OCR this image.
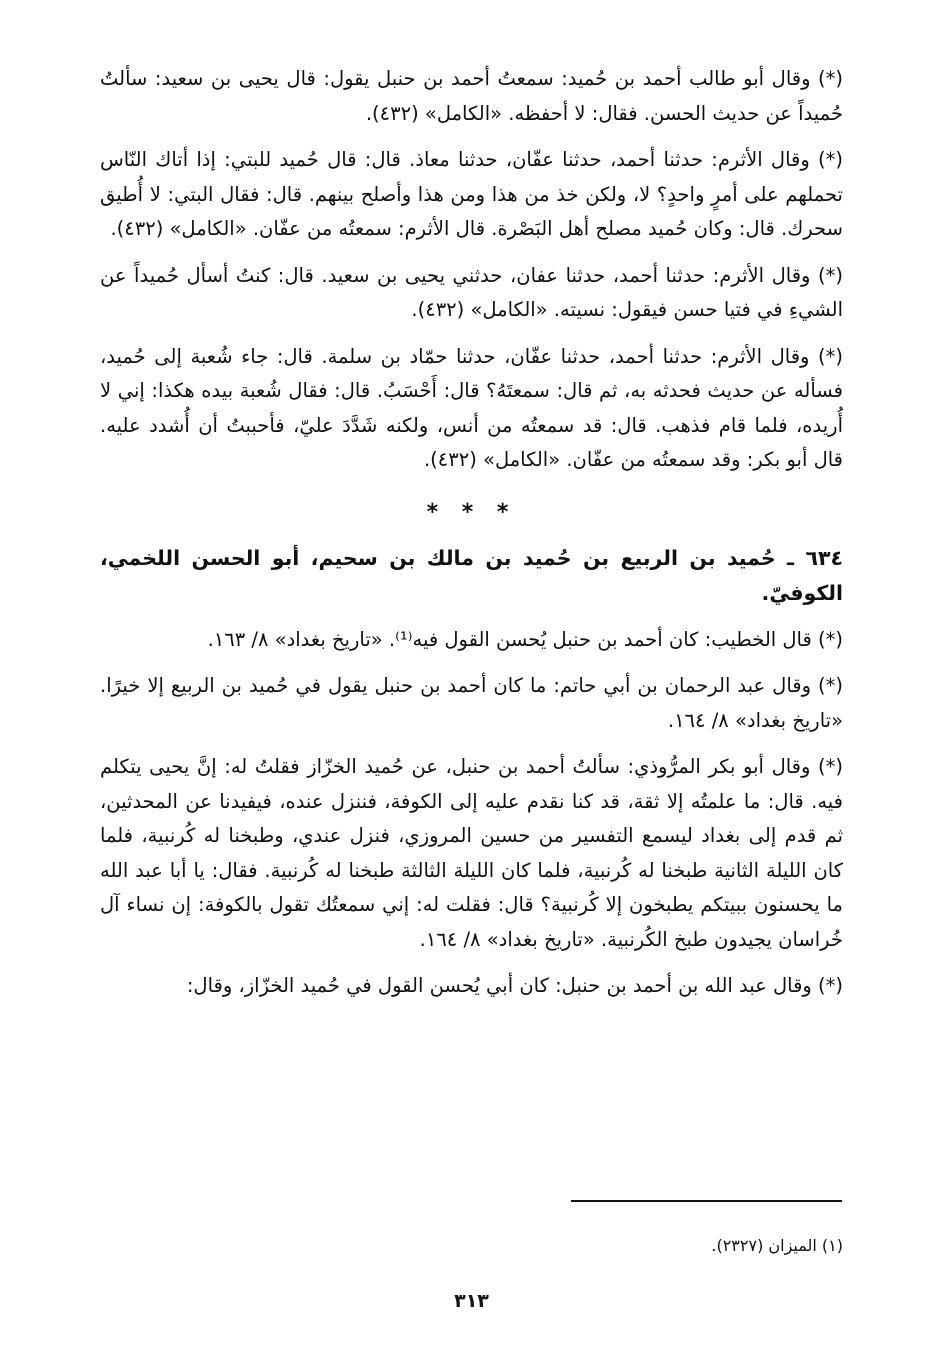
(*) وقال أبو طالب أحمد بن حُميد: سمعتُ أحمد بن حنبل يقول: قال يحيى بن سعيد: سألتُ حُميداً عن حديث الحسن. فقال: لا أحفظه. «الكامل» (٤٣٢).

(*) وقال الأثرم: حدثنا أحمد، حدثنا عفّان، حدثنا معاذ. قال: قال حُميد للبتي: إذا أتاك النّاس تحملهم على أمرٍ واحدٍ؟ لا، ولكن خذ من هذا ومن هذا وأصلح بينهم. قال: فقال البتي: لا أُطيق سحرك. قال: وكان حُميد مصلح أهل البَصْرة. قال الأثرم: سمعتُه من عفّان. «الكامل» (٤٣٢).

(*) وقال الأثرم: حدثنا أحمد، حدثنا عفان، حدثني يحيى بن سعيد. قال: كنتُ أسأل حُميداً عن الشيءِ في فتيا حسن فيقول: نسيته. «الكامل» (٤٣٢).

(*) وقال الأثرم: حدثنا أحمد، حدثنا عفّان، حدثنا حمّاد بن سلمة. قال: جاء شُعبة إلى حُميد، فسأله عن حديث فحدثه به، ثم قال: سمعتَهُ؟ قال: أَحْسَبُ. قال: فقال شُعبة بيده هكذا: إني لا أُريده، فلما قام فذهب. قال: قد سمعتُه من أنس، ولكنه شَدَّدَ عليّ، فأحببتُ أن أُشدد عليه. قال أبو بكر: وقد سمعتُه من عفّان. «الكامل» (٤٣٢).

* * *

٦٣٤ ـ حُميد بن الربيع بن حُميد بن مالك بن سحيم، أبو الحسن اللخمي، الكوفيّ.

(*) قال الخطيب: كان أحمد بن حنبل يُحسن القول فيه⁽¹⁾. «تاريخ بغداد» ٨/ ١٦٣.

(*) وقال عبد الرحمان بن أبي حاتم: ما كان أحمد بن حنبل يقول في حُميد بن الربيع إلا خيرًا. «تاريخ بغداد» ٨/ ١٦٤.

(*) وقال أبو بكر المرُّوذي: سألتُ أحمد بن حنبل، عن حُميد الخزّاز فقلتُ له: إنَّ يحيى يتكلم فيه. قال: ما علمتُه إلا ثقة، قد كنا نقدم عليه إلى الكوفة، فننزل عنده، فيفيدنا عن المحدثين، ثم قدم إلى بغداد ليسمع التفسير من حسين المروزي، فنزل عندي، وطبخنا له كُرنبية، فلما كان الليلة الثانية طبخنا له كُرنبية، فلما كان الليلة الثالثة طبخنا له كُرنبية. فقال: يا أبا عبد الله ما يحسنون ببيتكم يطبخون إلا كُرنبية؟ قال: فقلت له: إني سمعتُك تقول بالكوفة: إن نساء آل خُراسان يجيدون طبخ الكُرنبية. «تاريخ بغداد» ٨/ ١٦٤.

(*) وقال عبد الله بن أحمد بن حنبل: كان أبي يُحسن القول في حُميد الخزّاز، وقال:

(١) الميزان (٢٣٢٧).
٣١٣
